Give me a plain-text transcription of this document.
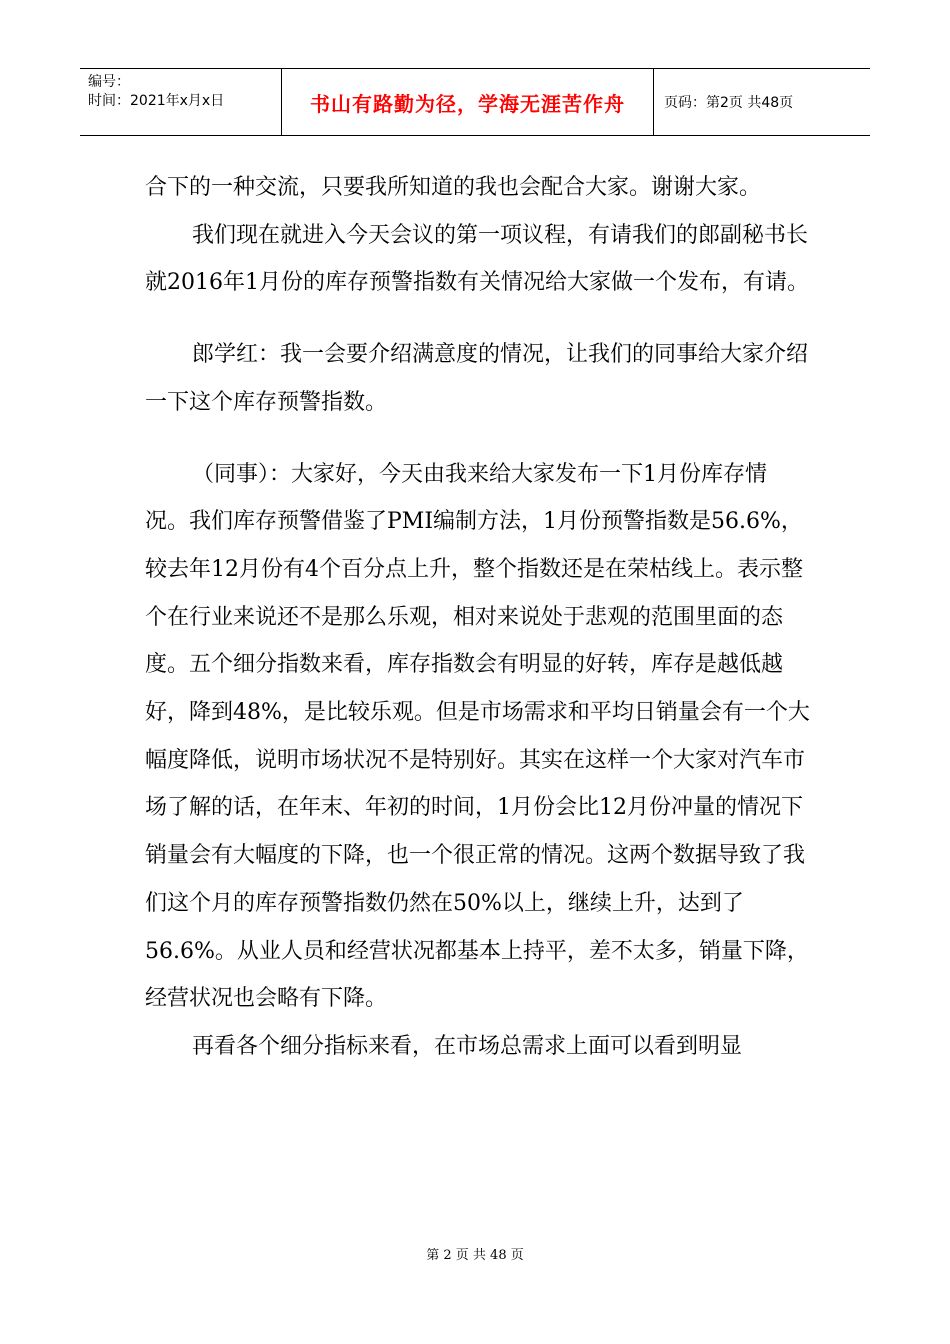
编号：
时间：2021年x月x日	书山有路勤为径，学海无涯苦作舟	页码：第2页 共48页

合下的一种交流，只要我所知道的我也会配合大家。谢谢大家。

我们现在就进入今天会议的第一项议程，有请我们的郎副秘书长就2016年1月份的库存预警指数有关情况给大家做一个发布，有请。

郎学红：我一会要介绍满意度的情况，让我们的同事给大家介绍一下这个库存预警指数。

（同事）：大家好，今天由我来给大家发布一下1月份库存情况。我们库存预警借鉴了PMI编制方法，1月份预警指数是56.6%，较去年12月份有4个百分点上升，整个指数还是在荣枯线上。表示整个在行业来说还不是那么乐观，相对来说处于悲观的范围里面的态度。五个细分指数来看，库存指数会有明显的好转，库存是越低越好，降到48%，是比较乐观。但是市场需求和平均日销量会有一个大幅度降低，说明市场状况不是特别好。其实在这样一个大家对汽车市场了解的话，在年末、年初的时间，1月份会比12月份冲量的情况下销量会有大幅度的下降，也一个很正常的情况。这两个数据导致了我们这个月的库存预警指数仍然在50%以上，继续上升，达到了56.6%。从业人员和经营状况都基本上持平，差不太多，销量下降，经营状况也会略有下降。

再看各个细分指标来看，在市场总需求上面可以看到明显

第 2 页 共 48 页
